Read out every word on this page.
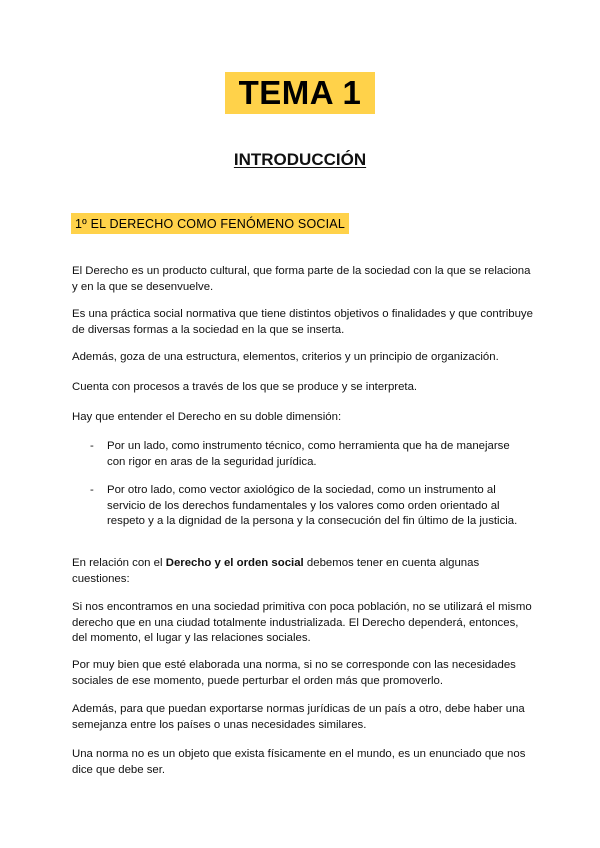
TEMA 1
INTRODUCCIÓN
1º EL DERECHO COMO FENÓMENO SOCIAL

El Derecho es un producto cultural, que forma parte de la sociedad con la que se relaciona y en la que se desenvuelve.

Es una práctica social normativa que tiene distintos objetivos o finalidades y que contribuye de diversas formas a la sociedad en la que se inserta.

Además, goza de una estructura, elementos, criterios y un principio de organización.

Cuenta con procesos a través de los que se produce y se interpreta.

Hay que entender el Derecho en su doble dimensión:

- Por un lado, como instrumento técnico, como herramienta que ha de manejarse con rigor en aras de la seguridad jurídica.
- Por otro lado, como vector axiológico de la sociedad, como un instrumento al servicio de los derechos fundamentales y los valores como orden orientado al respeto y a la dignidad de la persona y la consecución del fin último de la justicia.

En relación con el Derecho y el orden social debemos tener en cuenta algunas cuestiones:

Si nos encontramos en una sociedad primitiva con poca población, no se utilizará el mismo derecho que en una ciudad totalmente industrializada. El Derecho dependerá, entonces, del momento, el lugar y las relaciones sociales.

Por muy bien que esté elaborada una norma, si no se corresponde con las necesidades sociales de ese momento, puede perturbar el orden más que promoverlo.

Además, para que puedan exportarse normas jurídicas de un país a otro, debe haber una semejanza entre los países o unas necesidades similares.

Una norma no es un objeto que exista físicamente en el mundo, es un enunciado que nos dice que debe ser.
